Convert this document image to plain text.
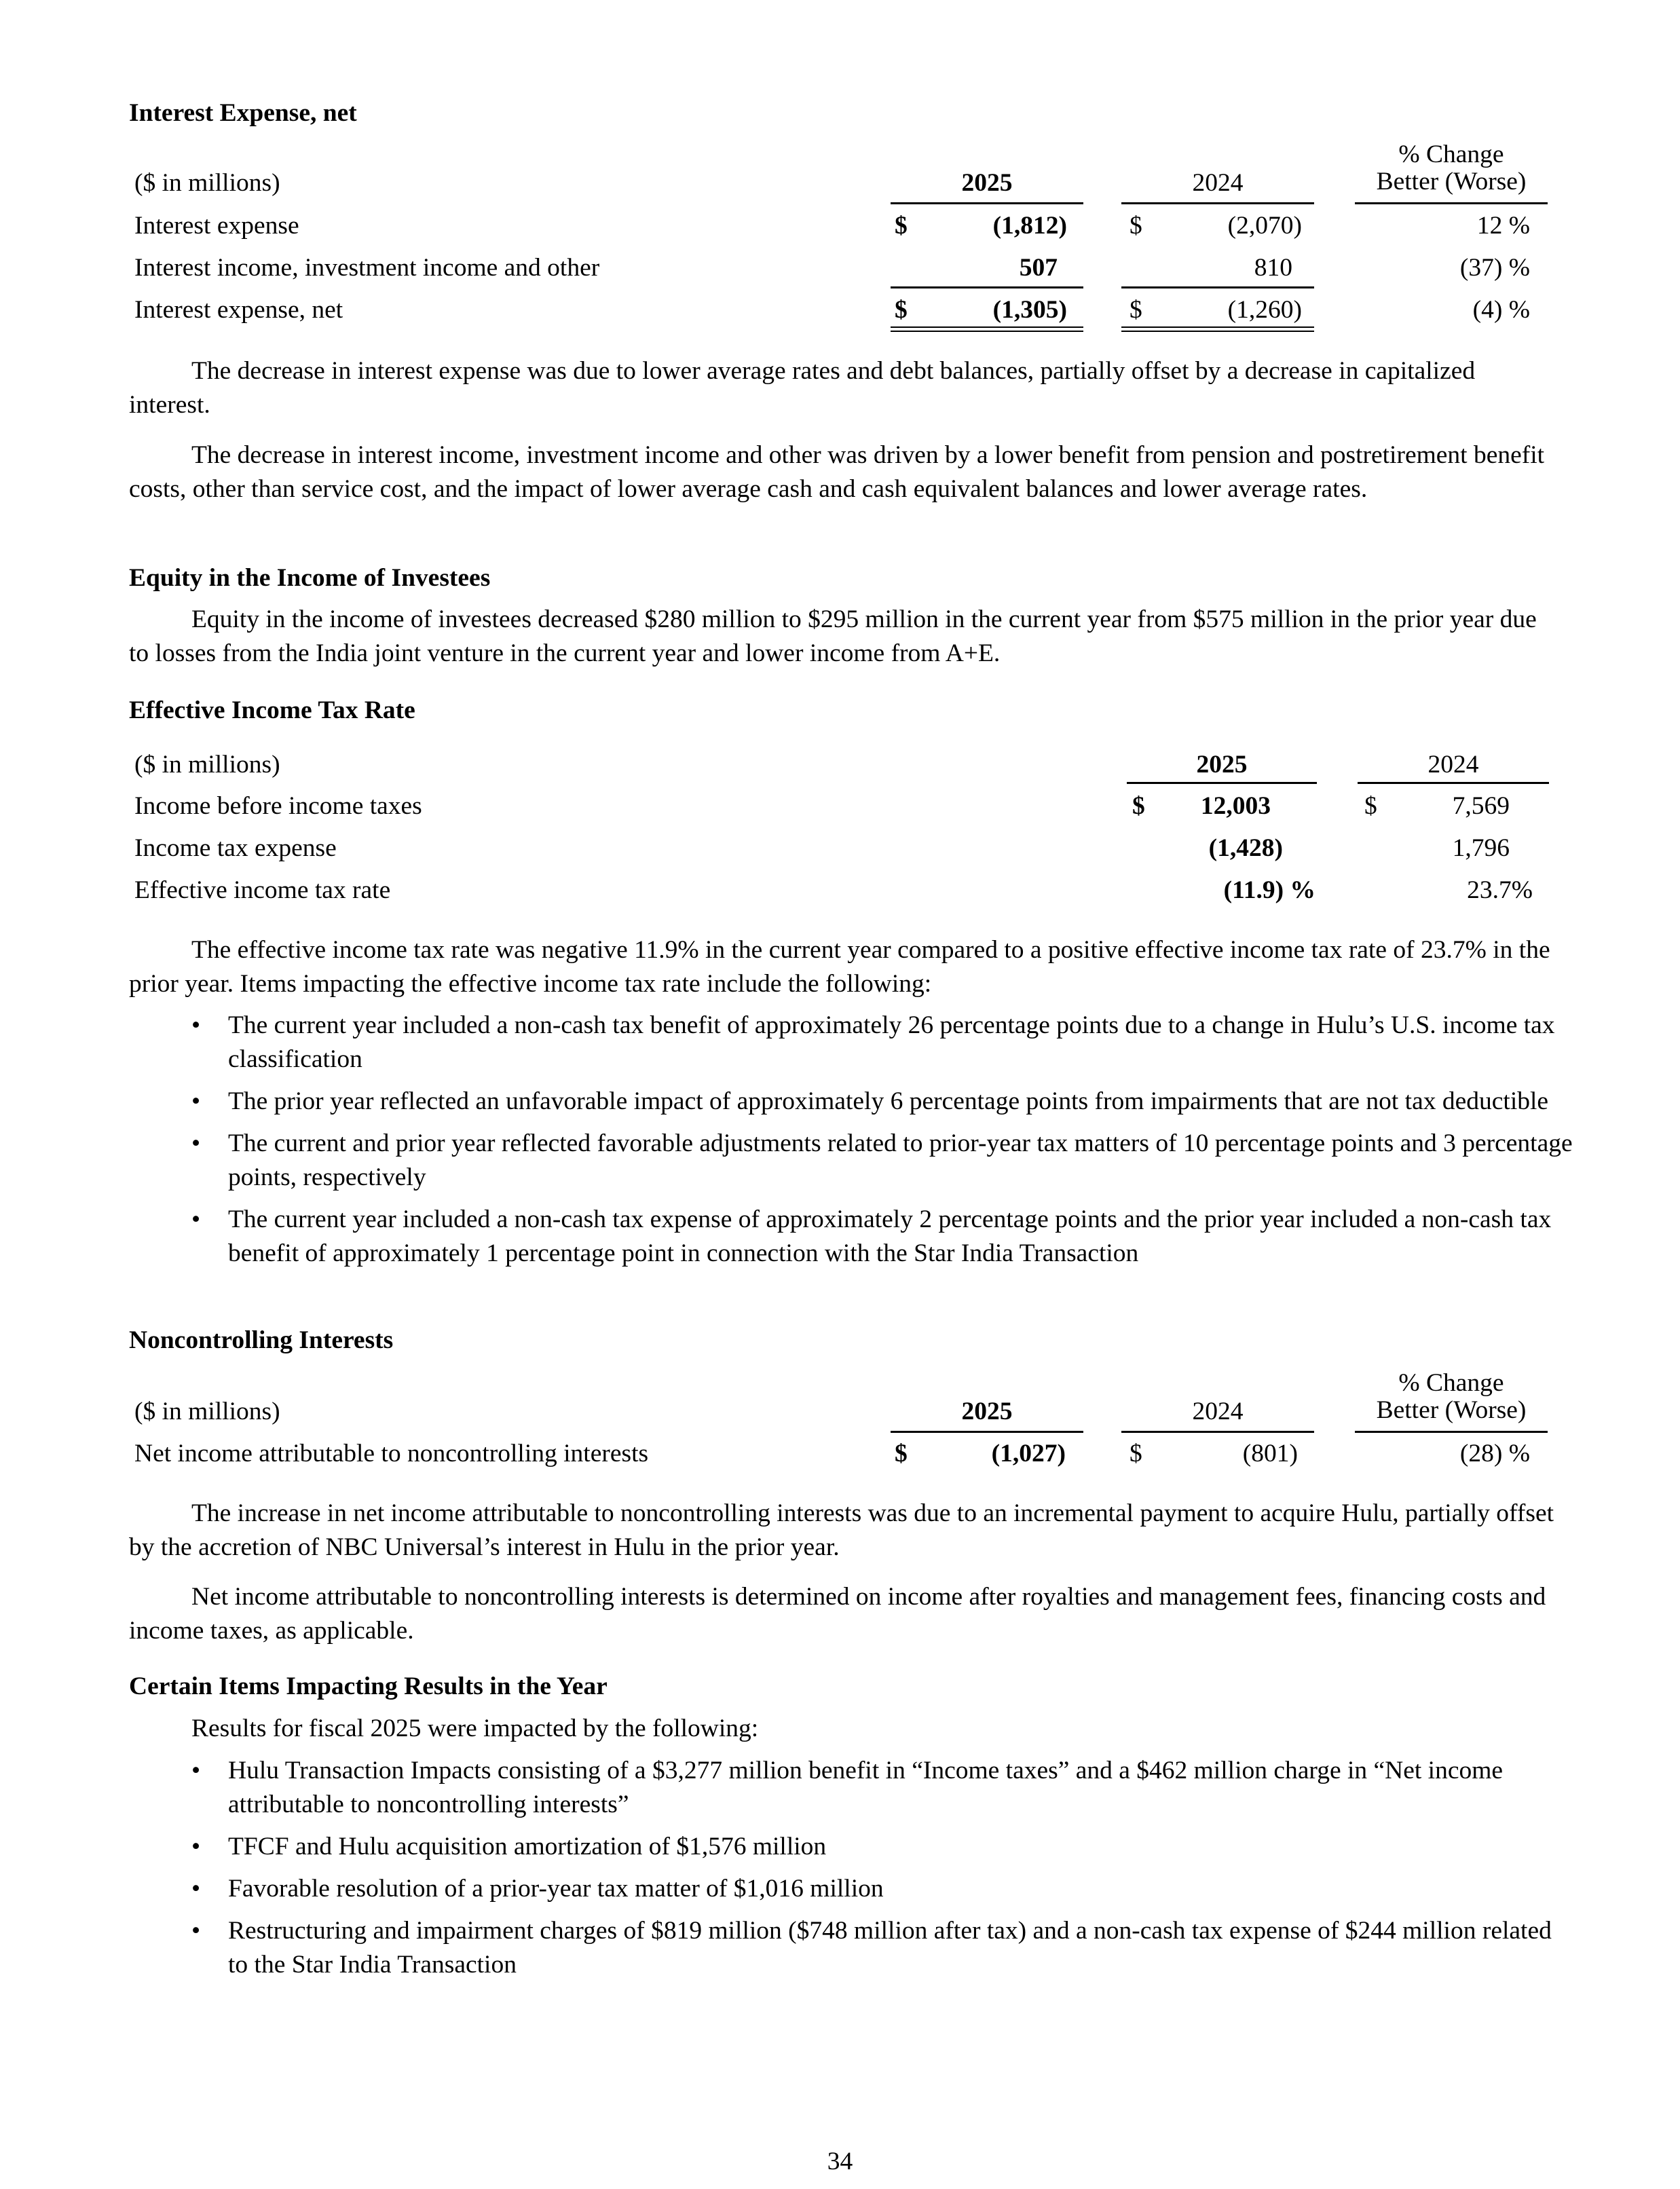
Interest Expense, net
($ in millions)	2025	2024
% Change
Better (Worse)
Interest expense	$	(1,812) $	(2,070)	12 %
Interest income, investment income and other	507	810	(37) %
Interest expense, net	$	(1,305) $	(1,260)	(4) %

The decrease in interest expense was due to lower average rates and debt balances, partially offset by a decrease in capitalized interest.

The decrease in interest income, investment income and other was driven by a lower benefit from pension and postretirement benefit costs, other than service cost, and the impact of lower average cash and cash equivalent balances and lower average rates.

Equity in the Income of Investees

Equity in the income of investees decreased $280 million to $295 million in the current year from $575 million in the prior year due to losses from the India joint venture in the current year and lower income from A+E.

Effective Income Tax Rate
($ in millions)	2025	2024
Income before income taxes	$	12,003	$	7,569
Income tax expense	(1,428)	1,796
Effective income tax rate	(11.9) %	23.7%

The effective income tax rate was negative 11.9% in the current year compared to a positive effective income tax rate of 23.7% in the prior year. Items impacting the effective income tax rate include the following:

• The current year included a non-cash tax benefit of approximately 26 percentage points due to a change in Hulu’s U.S. income tax classification
• The prior year reflected an unfavorable impact of approximately 6 percentage points from impairments that are not tax deductible
• The current and prior year reflected favorable adjustments related to prior-year tax matters of 10 percentage points and 3 percentage points, respectively
• The current year included a non-cash tax expense of approximately 2 percentage points and the prior year included a non-cash tax benefit of approximately 1 percentage point in connection with the Star India Transaction
Noncontrolling Interests
($ in millions)	2025	2024
% Change
Better (Worse)
Net income attributable to noncontrolling interests	$	(1,027)	$	(801)	(28) %

The increase in net income attributable to noncontrolling interests was due to an incremental payment to acquire Hulu, partially offset by the accretion of NBC Universal’s interest in Hulu in the prior year.

Net income attributable to noncontrolling interests is determined on income after royalties and management fees, financing costs and income taxes, as applicable.

Certain Items Impacting Results in the Year

Results for fiscal 2025 were impacted by the following:

• Hulu Transaction Impacts consisting of a $3,277 million benefit in “Income taxes” and a $462 million charge in “Net income attributable to noncontrolling interests”
• TFCF and Hulu acquisition amortization of $1,576 million
• Favorable resolution of a prior-year tax matter of $1,016 million
• Restructuring and impairment charges of $819 million ($748 million after tax) and a non-cash tax expense of $244 million related to the Star India Transaction
34
